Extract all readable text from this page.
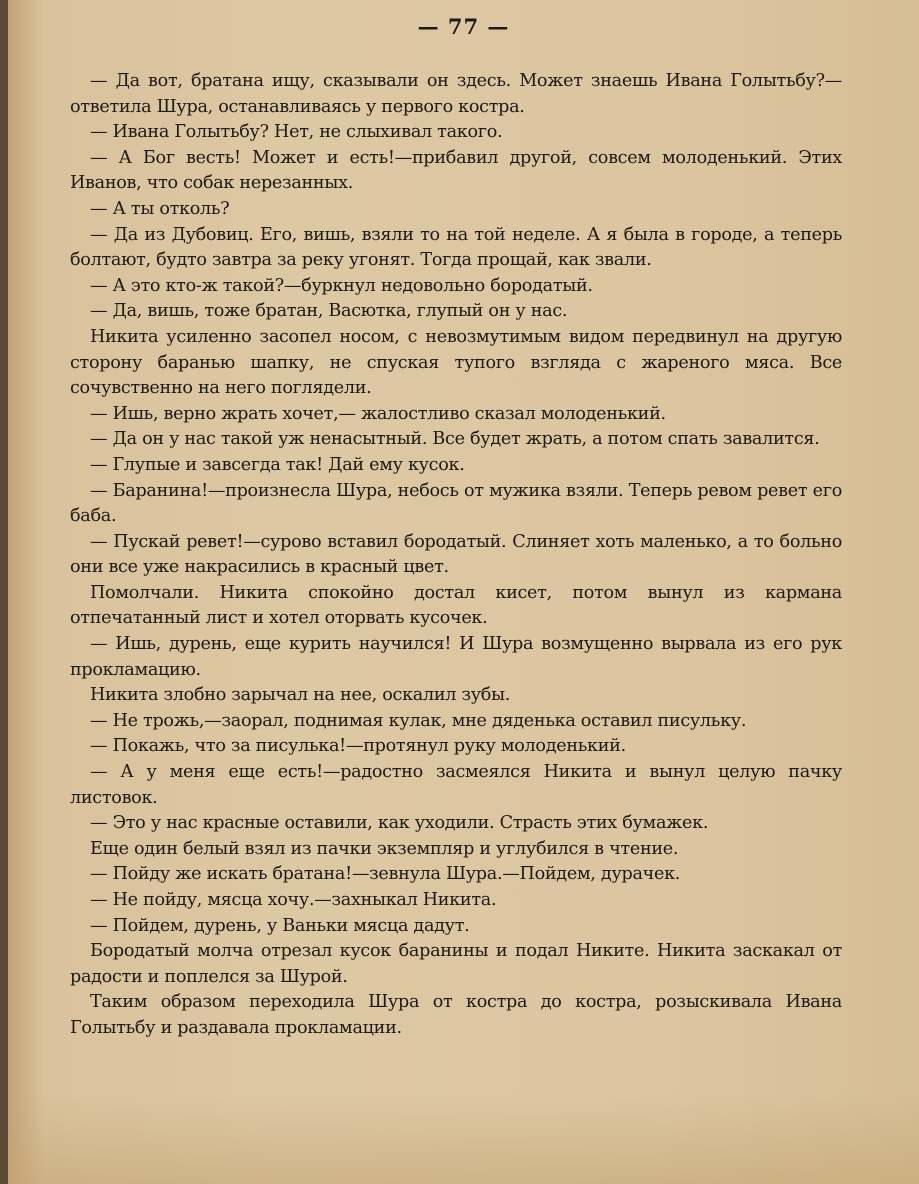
— 77 —

— Да вот, братана ищу, сказывали он здесь. Может знаешь Ивана Голытьбу?—ответила Шура, останавливаясь у первого костра.

— Ивана Голытьбу? Нет, не слыхивал такого.

— А Бог весть! Может и есть!—прибавил другой, совсем молоденький. Этих Иванов, что собак нерезанных.

— А ты отколь?

— Да из Дубовиц. Его, вишь, взяли то на той неделе. А я была в городе, а теперь болтают, будто завтра за реку угонят. Тогда прощай, как звали.

— А это кто-ж такой?—буркнул недовольно бородатый.

— Да, вишь, тоже братан, Васютка, глупый он у нас.

Никита усиленно засопел носом, с невозмутимым видом передвинул на другую сторону баранью шапку, не спуская тупого взгляда с жареного мяса. Все сочувственно на него поглядели.

— Ишь, верно жрать хочет,— жалостливо сказал молоденький.

— Да он у нас такой уж ненасытный. Все будет жрать, а потом спать завалится.

— Глупые и завсегда так! Дай ему кусок.

— Баранина!—произнесла Шура, небось от мужика взяли. Теперь ревом ревет его баба.

— Пускай ревет!—сурово вставил бородатый. Слиняет хоть маленько, а то больно они все уже накрасились в красный цвет.

Помолчали. Никита спокойно достал кисет, потом вынул из кармана отпечатанный лист и хотел оторвать кусочек.

— Ишь, дурень, еще курить научился! И Шура возмущенно вырвала из его рук прокламацию.

Никита злобно зарычал на нее, оскалил зубы.

— Не трожь,—заорал, поднимая кулак, мне дяденька оставил писульку.

— Покажь, что за писулька!—протянул руку молоденький.

— А у меня еще есть!—радостно засмеялся Никита и вынул целую пачку листовок.

— Это у нас красные оставили, как уходили. Страсть этих бумажек.

Еще один белый взял из пачки экземпляр и углубился в чтение.

— Пойду же искать братана!—зевнула Шура.—Пойдем, дурачек.

— Не пойду, мясца хочу.—захныкал Никита.

— Пойдем, дурень, у Ваньки мясца дадут.

Бородатый молча отрезал кусок баранины и подал Никите. Никита заскакал от радости и поплелся за Шурой.

Таким образом переходила Шура от костра до костра, розыскивала Ивана Голытьбу и раздавала прокламации.
